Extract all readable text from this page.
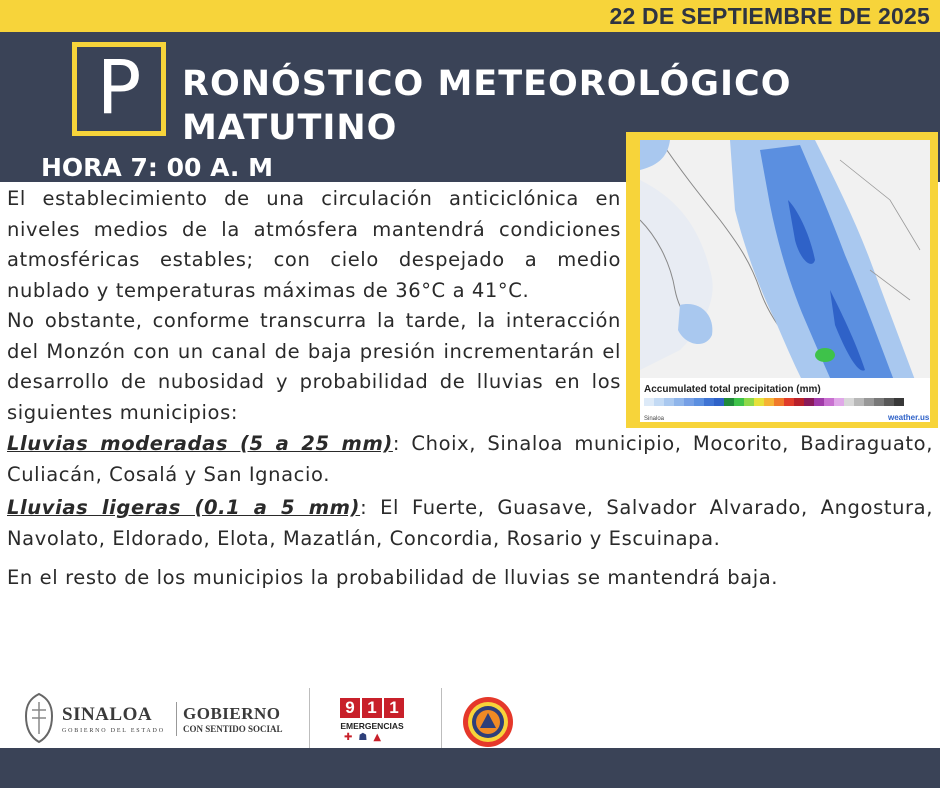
22 DE SEPTIEMBRE DE 2025
P	RONÓSTICO METEOROLÓGICO
MATUTINO
HORA 7: 00 A. M
Accumulated total precipitation (mm)
Sinaloa	weather.us

El establecimiento de una circulación anticiclónica en niveles medios de la atmósfera mantendrá condiciones atmosféricas estables; con cielo despejado a medio nublado y temperaturas máximas de 36°C a 41°C.

No obstante, conforme transcurra la tarde, la interacción del Monzón con un canal de baja presión incrementarán el desarrollo de nubosidad y probabilidad de lluvias en los siguientes municipios:

Lluvias moderadas (5 a 25 mm): Choix, Sinaloa municipio, Mocorito, Badiraguato, Culiacán, Cosalá y San Ignacio.

Lluvias ligeras (0.1 a 5 mm): El Fuerte, Guasave, Salvador Alvarado, Angostura, Navolato, Eldorado, Elota, Mazatlán, Concordia, Rosario y Escuinapa.

En el resto de los municipios la probabilidad de lluvias se mantendrá baja.

SINALOA
GOBIERNO DEL ESTADO
GOBIERNO
CON SENTIDO SOCIAL
9 1 1
EMERGENCIAS
✚☗▲
